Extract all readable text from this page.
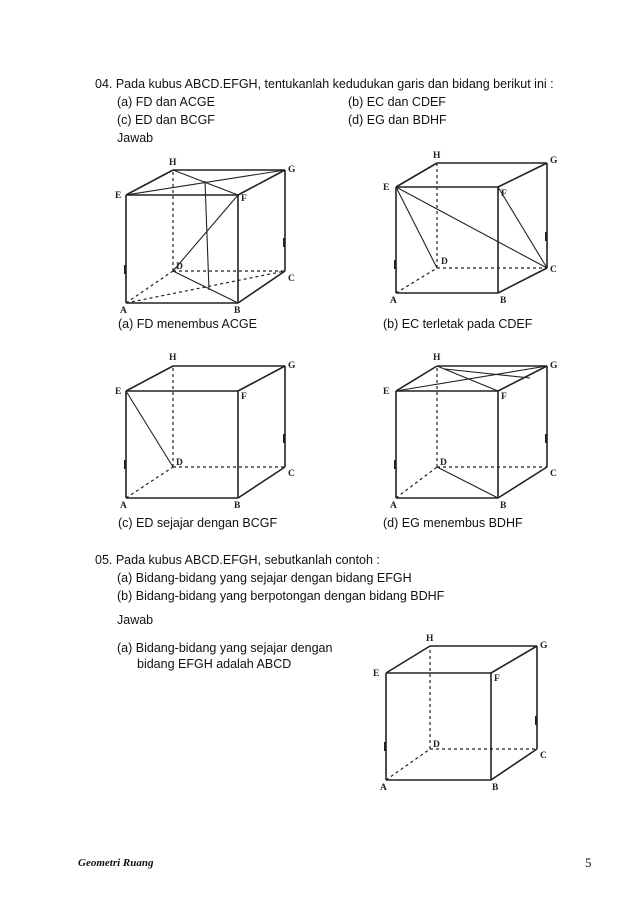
04. Pada kubus ABCD.EFGH, tentukanlah kedudukan garis dan bidang berikut ini :
(a) FD dan ACGE	(b) EC dan CDEF
(c) ED dan BCGF	(d) EG dan BDHF
Jawab
A	B
C
D
E	F
G
H
(a) FD menembus ACGE
A	B
C
D
E
F
G
H
(b) EC terletak pada CDEF
A	B
C
D
E	F
G
H
(c) ED sejajar dengan BCGF
A	B
C
D
E	F
G
H
(d) EG menembus BDHF
05. Pada kubus ABCD.EFGH, sebutkanlah contoh :
(a) Bidang-bidang yang sejajar dengan bidang EFGH
(b) Bidang-bidang yang berpotongan dengan bidang BDHF
Jawab
(a) Bidang-bidang yang sejajar dengan
bidang EFGH adalah ABCD
A	B
C
D
E	F
G
H
Geometri Ruang	5
